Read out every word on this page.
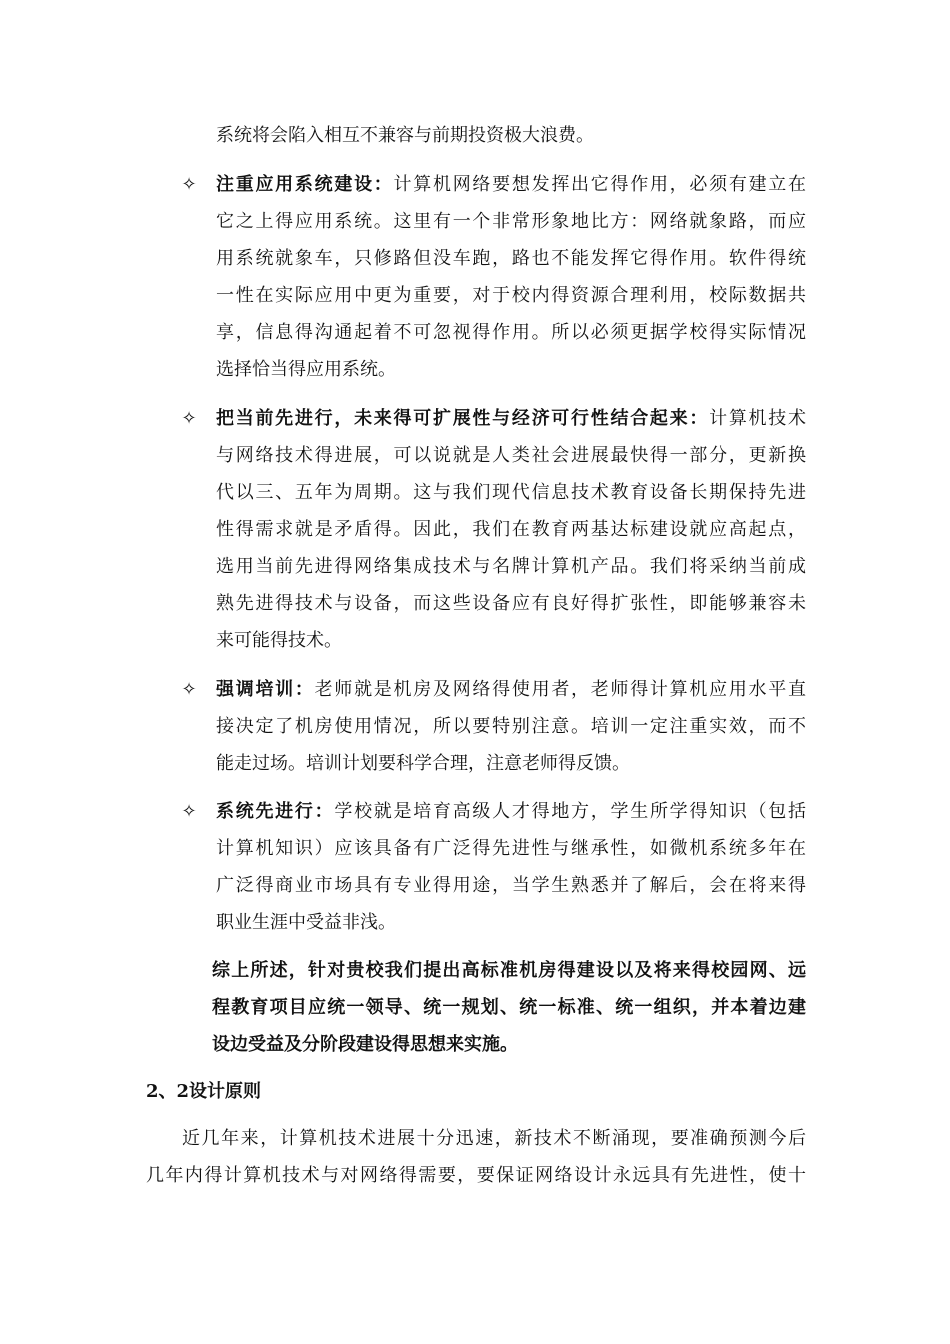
系统将会陷入相互不兼容与前期投资极大浪费。
✧ 注重应用系统建设：计算机网络要想发挥出它得作用，必须有建立在
它之上得应用系统。这里有一个非常形象地比方：网络就象路，而应
用系统就象车，只修路但没车跑，路也不能发挥它得作用。软件得统
一性在实际应用中更为重要，对于校内得资源合理利用，校际数据共
享，信息得沟通起着不可忽视得作用。所以必须更据学校得实际情况
选择恰当得应用系统。
✧ 把当前先进行，未来得可扩展性与经济可行性结合起来：计算机技术
与网络技术得进展，可以说就是人类社会进展最快得一部分，更新换
代以三、五年为周期。这与我们现代信息技术教育设备长期保持先进
性得需求就是矛盾得。因此，我们在教育两基达标建设就应高起点，
选用当前先进得网络集成技术与名牌计算机产品。我们将采纳当前成
熟先进得技术与设备，而这些设备应有良好得扩张性，即能够兼容未
来可能得技术。
✧ 强调培训：老师就是机房及网络得使用者，老师得计算机应用水平直
接决定了机房使用情况，所以要特别注意。培训一定注重实效，而不
能走过场。培训计划要科学合理，注意老师得反馈。
✧ 系统先进行：学校就是培育高级人才得地方，学生所学得知识（包括
计算机知识）应该具备有广泛得先进性与继承性，如微机系统多年在
广泛得商业市场具有专业得用途，当学生熟悉并了解后，会在将来得
职业生涯中受益非浅。
综上所述，针对贵校我们提出高标准机房得建设以及将来得校园网、远
程教育项目应统一领导、统一规划、统一标准、统一组织，并本着边建
设边受益及分阶段建设得思想来实施。
2、2设计原则
近几年来，计算机技术进展十分迅速，新技术不断涌现，要准确预测今后
几年内得计算机技术与对网络得需要，要保证网络设计永远具有先进性，使十
